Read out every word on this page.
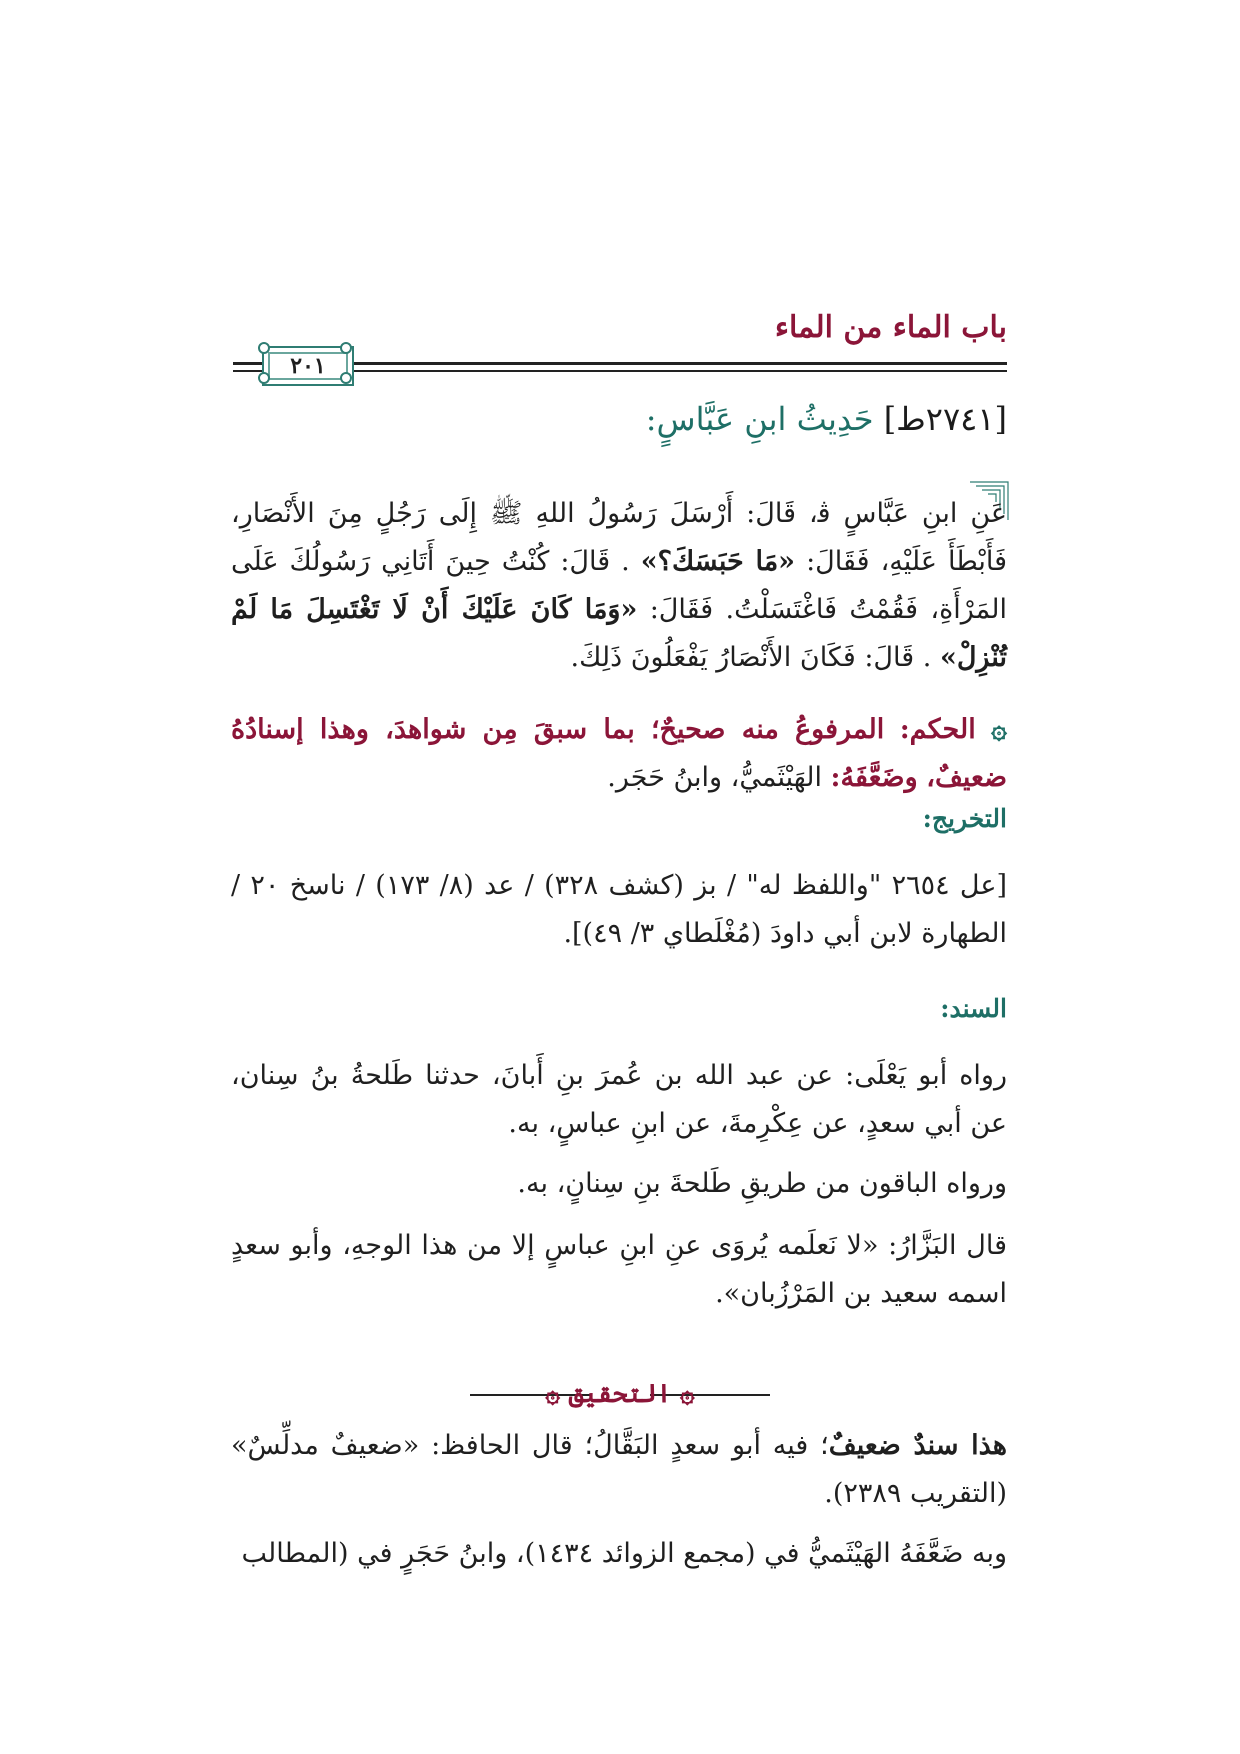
باب الماء من الماء
٢٠١
[٢٧٤١ط] حَدِيثُ ابنِ عَبَّاسٍ:
عَنِ ابنِ عَبَّاسٍ ﭬ، قَالَ: أَرْسَلَ رَسُولُ اللهِ ﷺ إِلَى رَجُلٍ مِنَ الأَنْصَارِ، فَأَبْطَأَ عَلَيْهِ، فَقَالَ: «مَا حَبَسَكَ؟» . قَالَ: كُنْتُ حِينَ أَتَانِي رَسُولُكَ عَلَى المَرْأَةِ، فَقُمْتُ فَاغْتَسَلْتُ. فَقَالَ: «وَمَا كَانَ عَلَيْكَ أَنْ لَا تَغْتَسِلَ مَا لَمْ تُنْزِلْ» . قَالَ: فَكَانَ الأَنْصَارُ يَفْعَلُونَ ذَلِكَ.
۞ الحكم: المرفوعُ منه صحيحٌ؛ بما سبقَ مِن شواهدَ، وهذا إسنادُهُ ضعيفٌ، وضَعَّفَهُ: الهَيْثَميُّ، وابنُ حَجَر.
التخريج:
[عل ٢٦٥٤ "واللفظ له" / بز (كشف ٣٢٨) / عد (٨/ ١٧٣) / ناسخ ٢٠ / الطهارة لابن أبي داودَ (مُغْلَطاي ٣/ ٤٩)].
السند:
رواه أبو يَعْلَى: عن عبد الله بن عُمرَ بنِ أَبانَ، حدثنا طَلحةُ بنُ سِنان، عن أبي سعدٍ، عن عِكْرِمةَ، عن ابنِ عباسٍ، به.
ورواه الباقون من طريقِ طَلحةَ بنِ سِنانٍ، به.
قال البَزَّارُ: «لا نَعلَمه يُروَى عنِ ابنِ عباسٍ إلا من هذا الوجهِ، وأبو سعدٍ اسمه سعيد بن المَرْزُبان».
۞ التحقيق ۞
هذا سندٌ ضعيفٌ؛ فيه أبو سعدٍ البَقَّالُ؛ قال الحافظ: «ضعيفٌ مدلِّسٌ» (التقريب ٢٣٨٩).
وبه ضَعَّفَهُ الهَيْثَميُّ في (مجمع الزوائد ١٤٣٤)، وابنُ حَجَرٍ في (المطالب
